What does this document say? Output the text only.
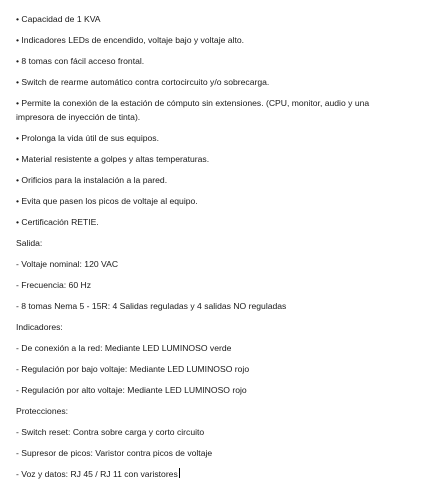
• Capacidad de 1 KVA
• Indicadores LEDs de encendido, voltaje bajo y voltaje alto.
• 8 tomas con fácil acceso frontal.
• Switch de rearme automático contra cortocircuito y/o sobrecarga.
• Permite la conexión de la estación de cómputo sin extensiones. (CPU, monitor, audio y una impresora de inyección de tinta).
• Prolonga la vida útil de sus equipos.
• Material resistente a golpes y altas temperaturas.
• Orificios para la instalación a la pared.
• Evita que pasen los picos de voltaje al equipo.
• Certificación RETIE.
Salida:
- Voltaje nominal: 120 VAC
- Frecuencia: 60 Hz
- 8 tomas Nema 5 - 15R: 4 Salidas reguladas y 4 salidas NO reguladas
Indicadores:
- De conexión a la red: Mediante LED LUMINOSO verde
- Regulación por bajo voltaje: Mediante LED LUMINOSO rojo
- Regulación por alto voltaje: Mediante LED LUMINOSO rojo
Protecciones:
- Switch reset: Contra sobre carga y corto circuito
- Supresor de picos: Varistor contra picos de voltaje
- Voz y datos: RJ 45 / RJ 11 con varistores
